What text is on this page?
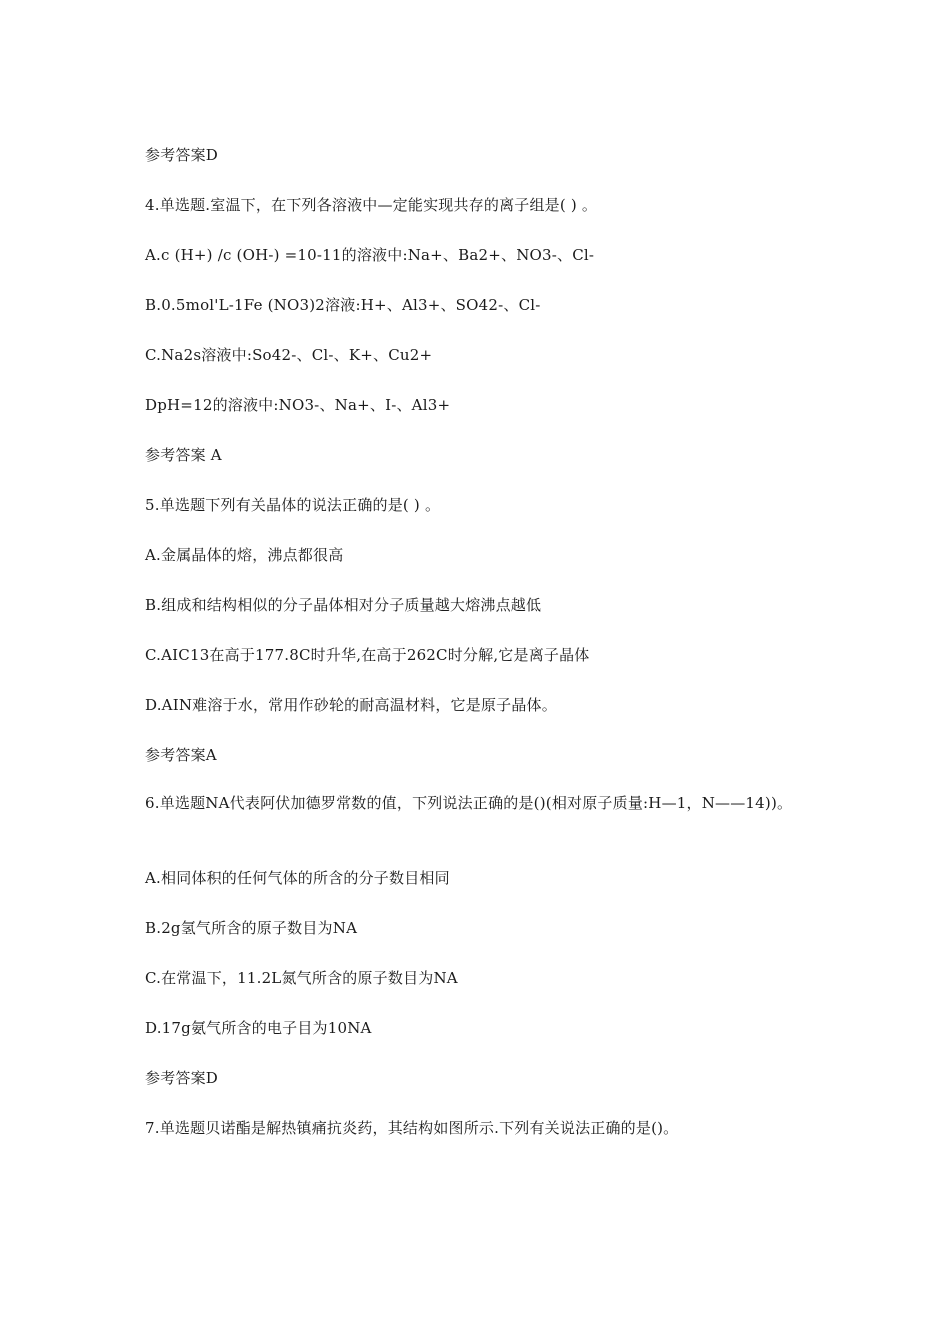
参考答案D
4.单选题.室温下，在下列各溶液中—定能实现共存的离子组是( ) 。
A.c (H+) /c (OH-) =10-11的溶液中:Na+、Ba2+、NO3-、Cl-
B.0.5mol'L-1Fe (NO3)2溶液:H+、Al3+、SO42-、Cl-
C.Na2s溶液中:So42-、Cl-、K+、Cu2+
DpH=12的溶液中:NO3-、Na+、I-、Al3+
参考答案 A
5.单选题下列有关晶体的说法正确的是( ) 。
A.金属晶体的熔，沸点都很高
B.组成和结构相似的分子晶体相对分子质量越大熔沸点越低
C.AIC13在高于177.8C时升华,在高于262C时分解,它是离子晶体
D.AIN难溶于水，常用作砂轮的耐高温材料，它是原子晶体。
参考答案A
6.单选题NA代表阿伏加德罗常数的值，下列说法正确的是()(相对原子质量:H—1，N——14))。
A.相同体积的任何气体的所含的分子数目相同
B.2g氢气所含的原子数目为NA
C.在常温下，11.2L氮气所含的原子数目为NA
D.17g氨气所含的电子目为10NA
参考答案D
7.单选题贝诺酯是解热镇痛抗炎药，其结构如图所示.下列有关说法正确的是()。
